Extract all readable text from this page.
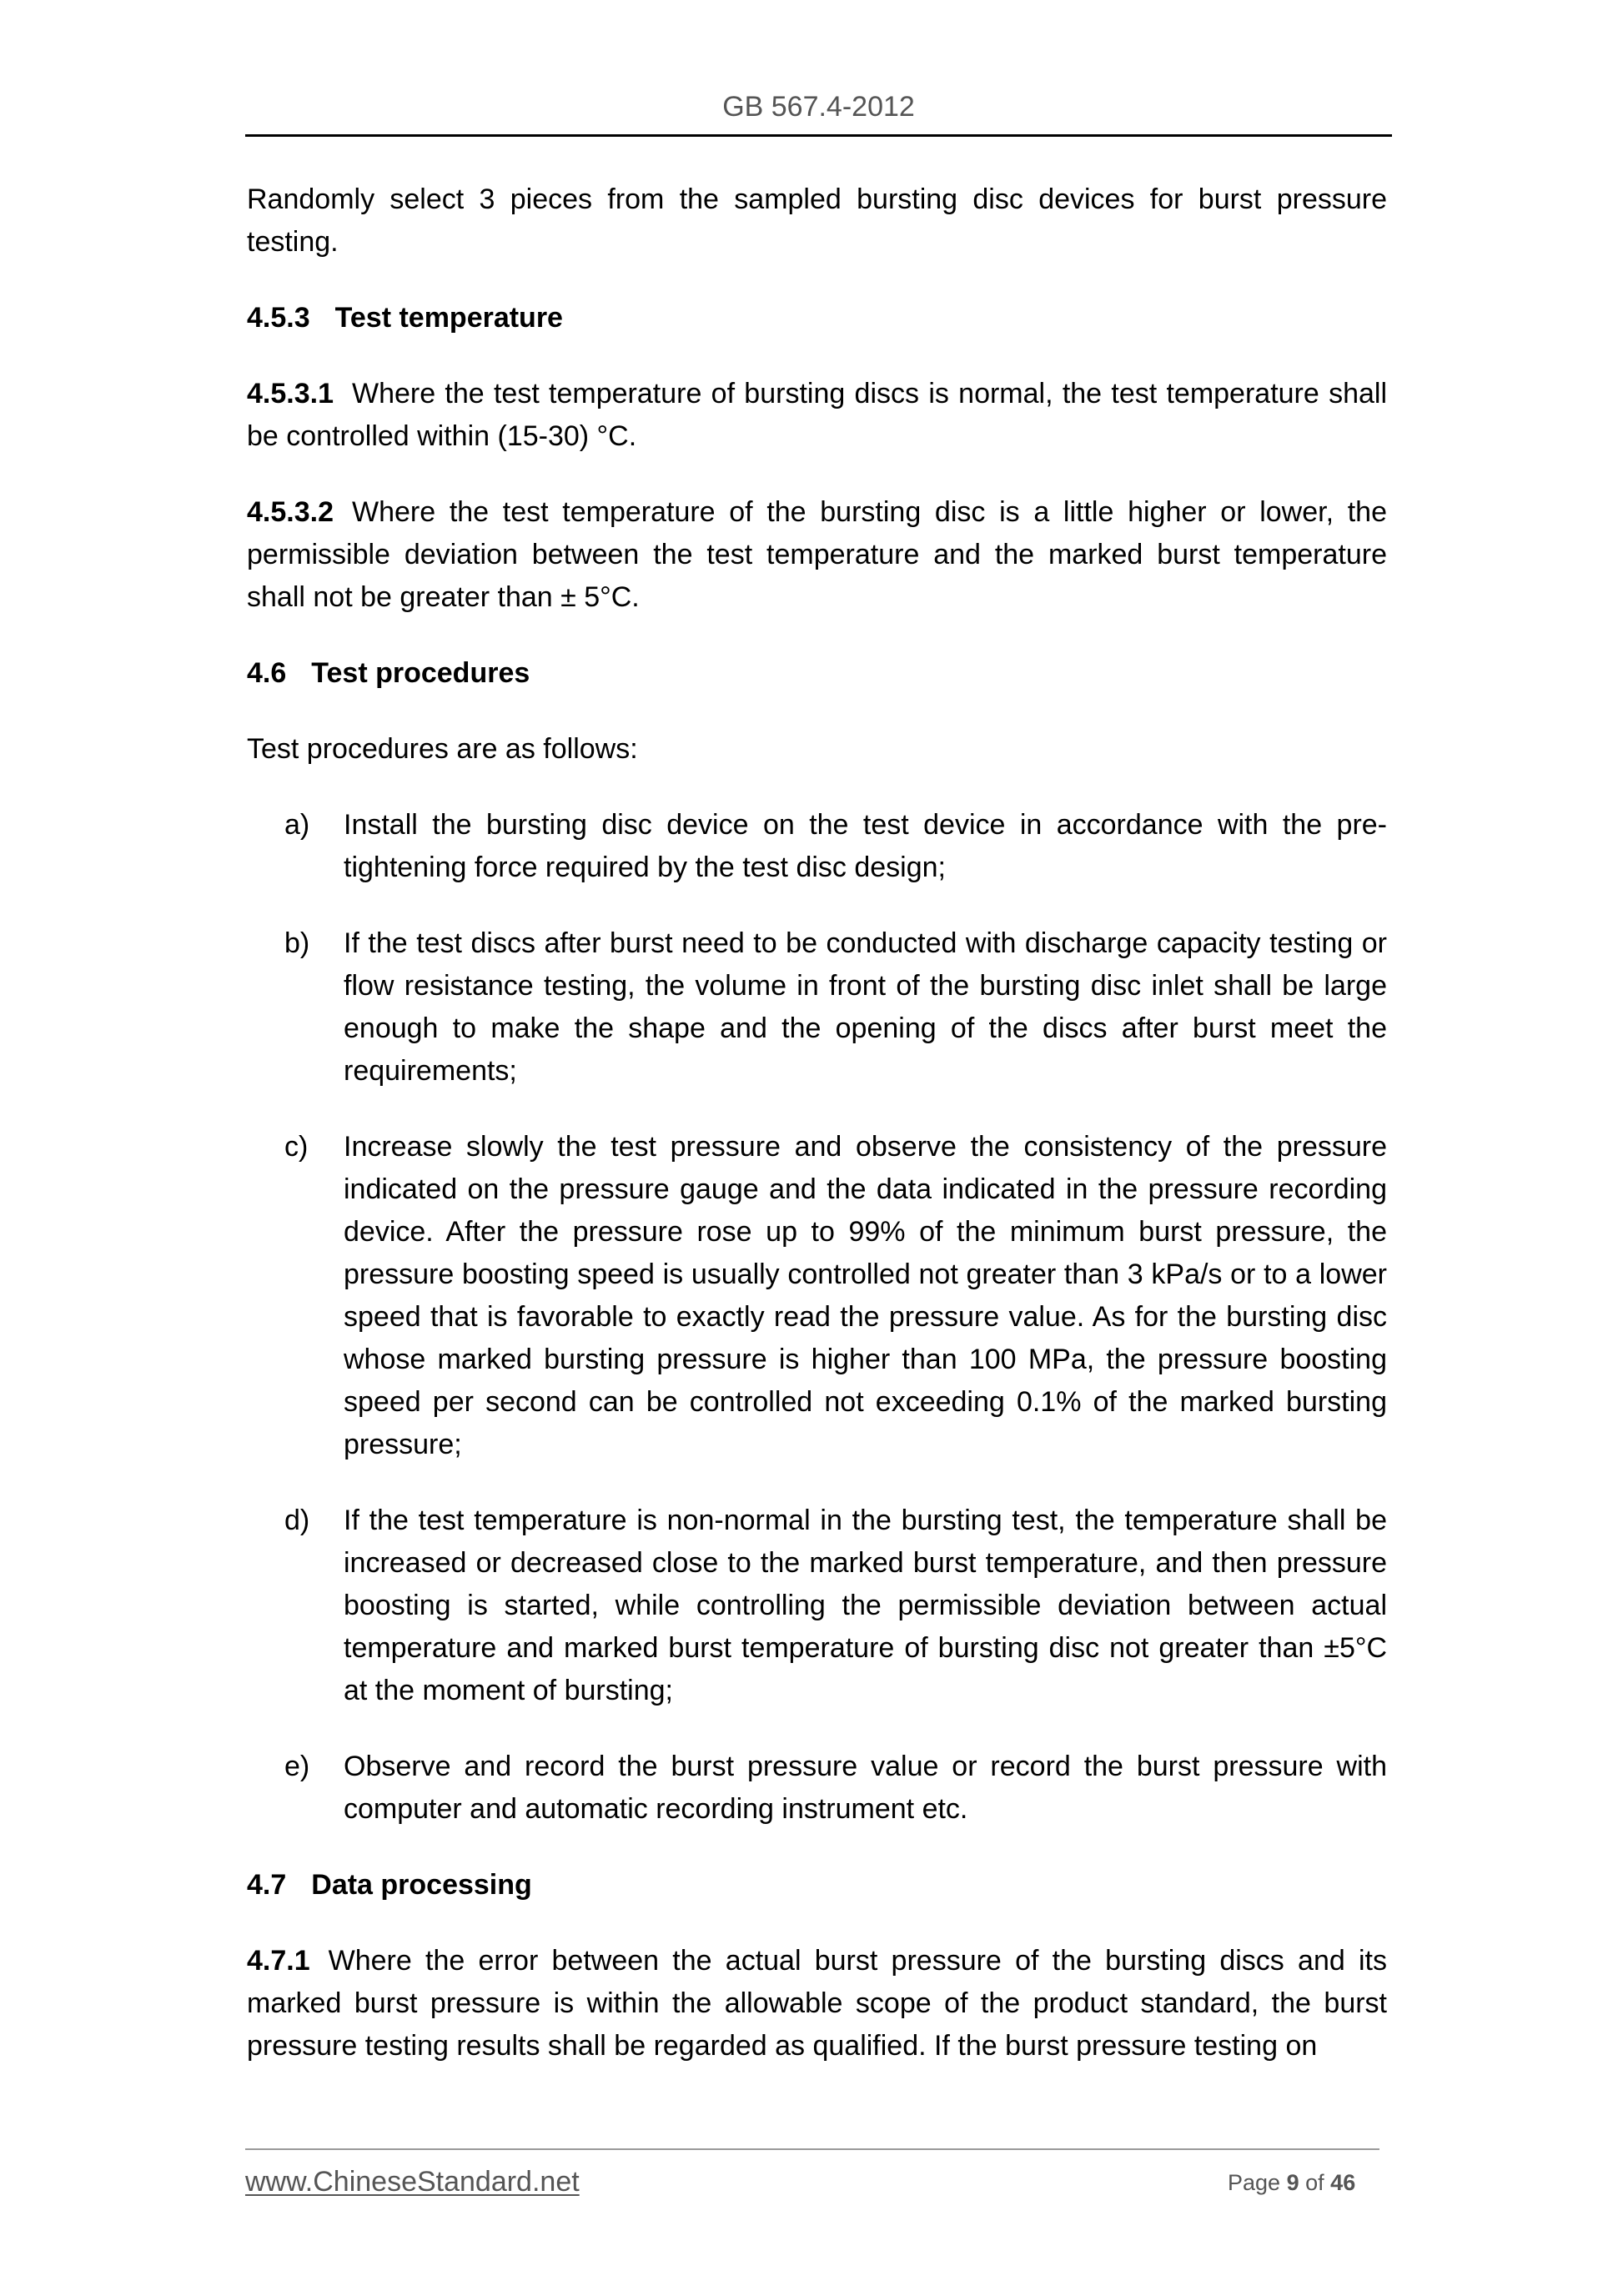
GB 567.4-2012

Randomly select 3 pieces from the sampled bursting disc devices for burst pressure testing.

4.5.3 Test temperature

4.5.3.1 Where the test temperature of bursting discs is normal, the test temperature shall be controlled within (15-30) °C.

4.5.3.2 Where the test temperature of the bursting disc is a little higher or lower, the permissible deviation between the test temperature and the marked burst temperature shall not be greater than ± 5°C.

4.6 Test procedures

Test procedures are as follows:

a) Install the bursting disc device on the test device in accordance with the pre-tightening force required by the test disc design;
b) If the test discs after burst need to be conducted with discharge capacity testing or flow resistance testing, the volume in front of the bursting disc inlet shall be large enough to make the shape and the opening of the discs after burst meet the requirements;
c) Increase slowly the test pressure and observe the consistency of the pressure indicated on the pressure gauge and the data indicated in the pressure recording device. After the pressure rose up to 99% of the minimum burst pressure, the pressure boosting speed is usually controlled not greater than 3 kPa/s or to a lower speed that is favorable to exactly read the pressure value. As for the bursting disc whose marked bursting pressure is higher than 100 MPa, the pressure boosting speed per second can be controlled not exceeding 0.1% of the marked bursting pressure;
d) If the test temperature is non-normal in the bursting test, the temperature shall be increased or decreased close to the marked burst temperature, and then pressure boosting is started, while controlling the permissible deviation between actual temperature and marked burst temperature of bursting disc not greater than ±5°C at the moment of bursting;
e) Observe and record the burst pressure value or record the burst pressure with computer and automatic recording instrument etc.
4.7 Data processing

4.7.1 Where the error between the actual burst pressure of the bursting discs and its marked burst pressure is within the allowable scope of the product standard, the burst pressure testing results shall be regarded as qualified. If the burst pressure testing on

www.ChineseStandard.net	Page 9 of 46
